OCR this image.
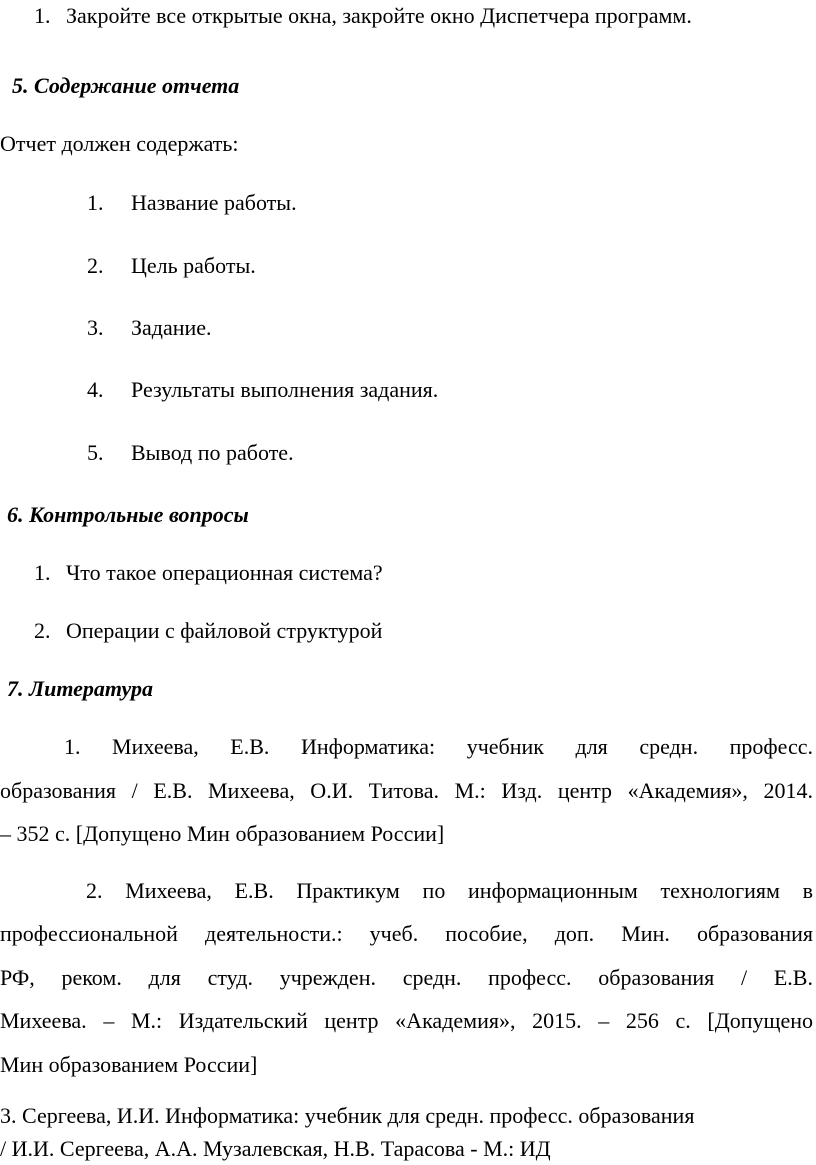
1. Закройте все открытые окна, закройте окно Диспетчера программ.
5. Содержание отчета
Отчет должен содержать:
1. Название работы.
2. Цель работы.
3. Задание.
4. Результаты выполнения задания.
5. Вывод по работе.
6. Контрольные вопросы
1. Что такое операционная система?
2. Операции с файловой структурой
7. Литература
1. Михеева, Е.В. Информатика: учебник для средн. професс.
образования / Е.В. Михеева, О.И. Титова. М.: Изд. центр «Академия», 2014.
– 352 с. [Допущено Мин образованием России]
2. Михеева, Е.В. Практикум по информационным технологиям в
профессиональной деятельности.: учеб. пособие, доп. Мин. образования
РФ, реком. для студ. учрежден. средн. професс. образования / Е.В.
Михеева. – М.: Издательский центр «Академия», 2015. – 256 с. [Допущено
Мин образованием России]
3. Сергеева, И.И. Информатика: учебник для средн. професс. образования
/ И.И. Сергеева, А.А. Музалевская, Н.В. Тарасова - М.: ИД
